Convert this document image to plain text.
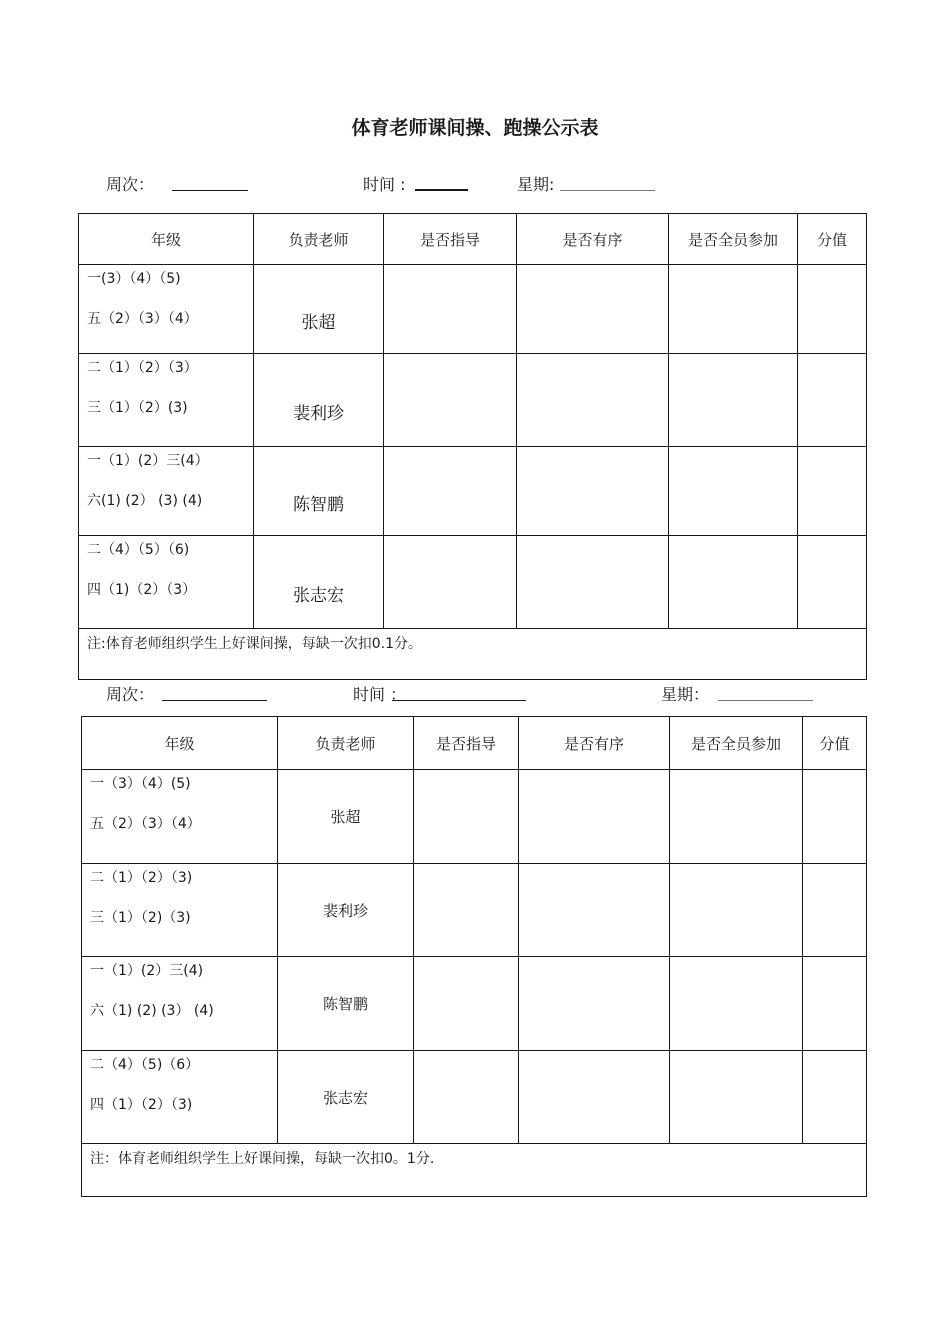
体育老师课间操、跑操公示表
周次：	时间 :	星期:
年级	负责老师	是否指导	是否有序	是否全员参加	分值

一(3）（4）（5)
五（2）（3）（4）	张超				

二（1）（2）（3）
三（1）（2）(3)	裴利珍				

一（1）(2）三(4）
六(1) (2） (3) (4)	陈智鹏				

二（4）（5）（6)
四（1)（2）（3）	张志宏				

注:体育老师组织学生上好课间操，每缺一次扣0.1分。					
周次：	时间 ：	星期：
年级	负责老师	是否指导	是否有序	是否全员参加	分值

一（3）（4）(5)
五（2）（3）（4）	张超				

二（1）（2）（3)
三（1）（2)（3)	裴利珍				

一（1）(2）三(4)
六（1) (2) (3） (4)	陈智鹏				

二（4）（5)（6）
四（1）（2）（3)	张志宏				

注：体育老师组织学生上好课间操，每缺一次扣0。1分.					
